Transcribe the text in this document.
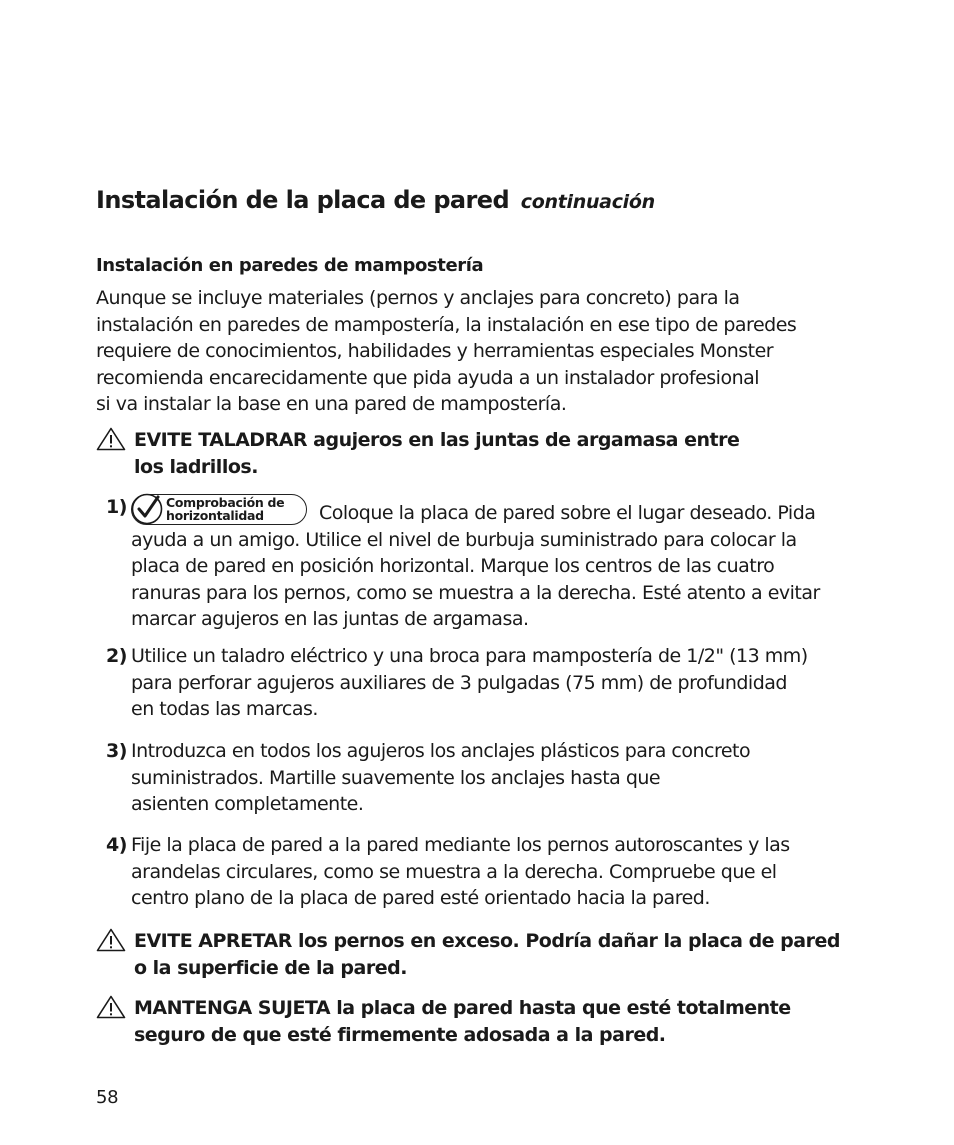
Instalación de la placa de pared continuación
Instalación en paredes de mampostería

Aunque se incluye materiales (pernos y anclajes para concreto) para la
instalación en paredes de mampostería, la instalación en ese tipo de paredes
requiere de conocimientos, habilidades y herramientas especiales Monster
recomienda encarecidamente que pida ayuda a un instalador profesional
si va instalar la base en una pared de mampostería.

EVITE TALADRAR agujeros en las juntas de argamasa entre
los ladrillos.
1)	Comprobación de
horizontalidad	Coloque la placa de pared sobre el lugar deseado. Pida
ayuda a un amigo. Utilice el nivel de burbuja suministrado para colocar la
placa de pared en posición horizontal. Marque los centros de las cuatro
ranuras para los pernos, como se muestra a la derecha. Esté atento a evitar
marcar agujeros en las juntas de argamasa.
2) Utilice un taladro eléctrico y una broca para mampostería de 1/2" (13 mm)
para perforar agujeros auxiliares de 3 pulgadas (75 mm) de profundidad
en todas las marcas.
3) Introduzca en todos los agujeros los anclajes plásticos para concreto
suministrados. Martille suavemente los anclajes hasta que
asienten completamente.
4) Fije la placa de pared a la pared mediante los pernos autoroscantes y las
arandelas circulares, como se muestra a la derecha. Compruebe que el
centro plano de la placa de pared esté orientado hacia la pared.
EVITE APRETAR los pernos en exceso. Podría dañar la placa de pared
o la superficie de la pared.
MANTENGA SUJETA la placa de pared hasta que esté totalmente
seguro de que esté firmemente adosada a la pared.
58
